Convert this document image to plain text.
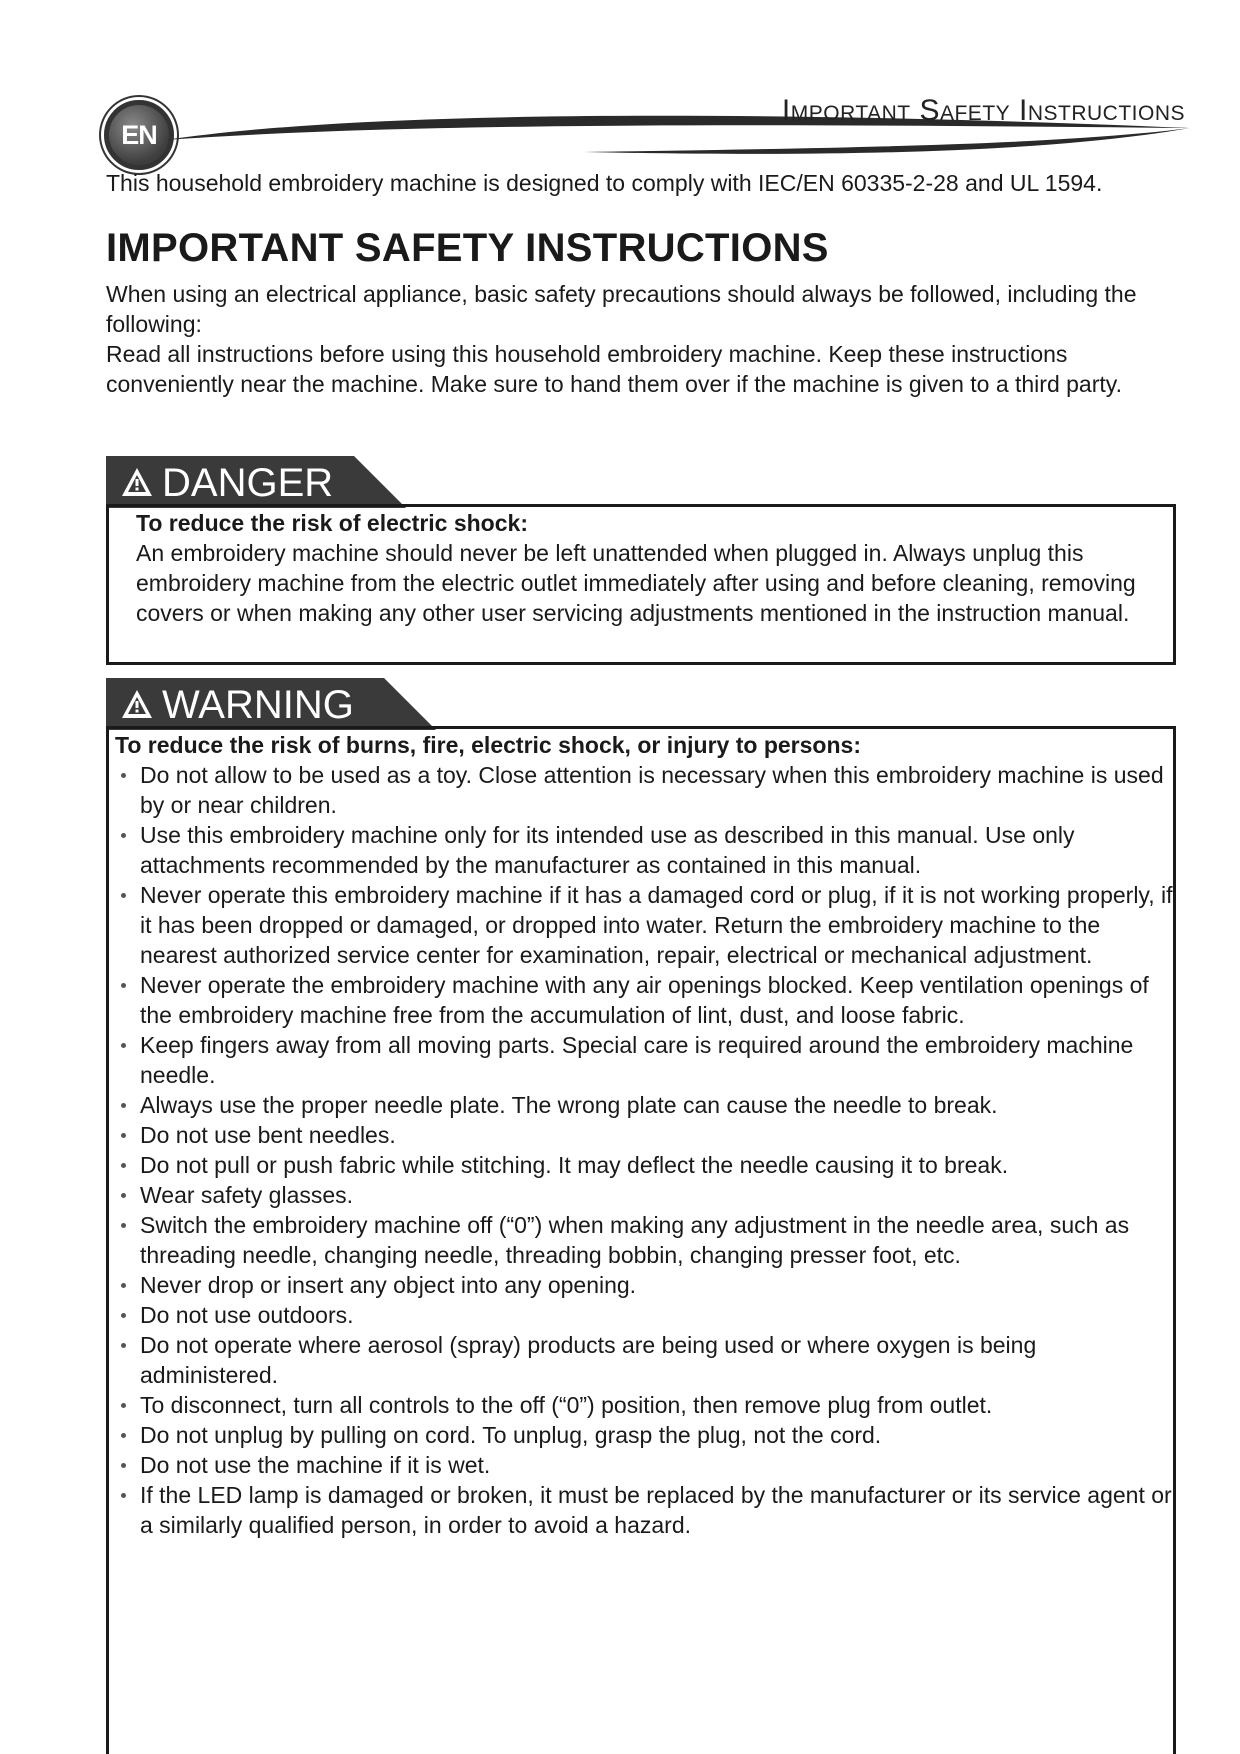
EN
Important Safety Instructions

This household embroidery machine is designed to comply with IEC/EN 60335-2-28 and UL 1594.

IMPORTANT SAFETY INSTRUCTIONS

When using an electrical appliance, basic safety precautions should always be followed, including the following:

Read all instructions before using this household embroidery machine. Keep these instructions conveniently near the machine. Make sure to hand them over if the machine is given to a third party.

DANGER

To reduce the risk of electric shock:

An embroidery machine should never be left unattended when plugged in. Always unplug this embroidery machine from the electric outlet immediately after using and before cleaning, removing covers or when making any other user servicing adjustments mentioned in the instruction manual.

WARNING

To reduce the risk of burns, fire, electric shock, or injury to persons:

Do not allow to be used as a toy. Close attention is necessary when this embroidery machine is used by or near children.
Use this embroidery machine only for its intended use as described in this manual. Use only attachments recommended by the manufacturer as contained in this manual.
Never operate this embroidery machine if it has a damaged cord or plug, if it is not working properly, if it has been dropped or damaged, or dropped into water. Return the embroidery machine to the nearest authorized service center for examination, repair, electrical or mechanical adjustment.
Never operate the embroidery machine with any air openings blocked. Keep ventilation openings of the embroidery machine free from the accumulation of lint, dust, and loose fabric.
Keep fingers away from all moving parts. Special care is required around the embroidery machine needle.
Always use the proper needle plate. The wrong plate can cause the needle to break.
Do not use bent needles.
Do not pull or push fabric while stitching. It may deflect the needle causing it to break.
Wear safety glasses.
Switch the embroidery machine off (“0”) when making any adjustment in the needle area, such as threading needle, changing needle, threading bobbin, changing presser foot, etc.
Never drop or insert any object into any opening.
Do not use outdoors.
Do not operate where aerosol (spray) products are being used or where oxygen is being administered.
To disconnect, turn all controls to the off (“0”) position, then remove plug from outlet.
Do not unplug by pulling on cord. To unplug, grasp the plug, not the cord.
Do not use the machine if it is wet.
If the LED lamp is damaged or broken, it must be replaced by the manufacturer or its service agent or a similarly qualified person, in order to avoid a hazard.
